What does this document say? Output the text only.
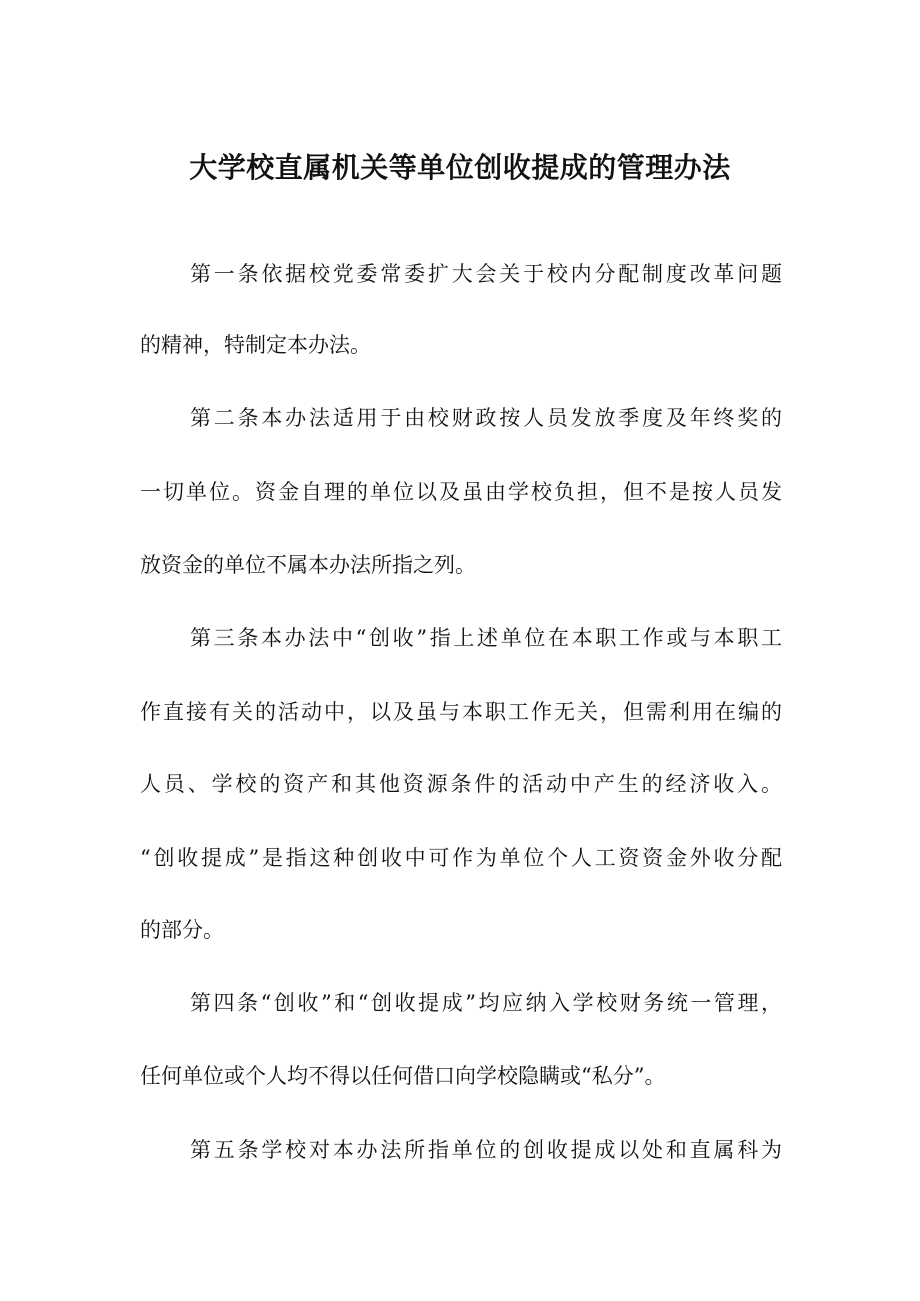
大学校直属机关等单位创收提成的管理办法

第一条依据校党委常委扩大会关于校内分配制度改革问题

的精神，特制定本办法。

第二条本办法适用于由校财政按人员发放季度及年终奖的

一切单位。资金自理的单位以及虽由学校负担，但不是按人员发

放资金的单位不属本办法所指之列。

第三条本办法中“创收”指上述单位在本职工作或与本职工

作直接有关的活动中，以及虽与本职工作无关，但需利用在编的

人员、学校的资产和其他资源条件的活动中产生的经济收入。

“创收提成”是指这种创收中可作为单位个人工资资金外收分配

的部分。

第四条“创收”和“创收提成”均应纳入学校财务统一管理，

任何单位或个人均不得以任何借口向学校隐瞒或“私分”。

第五条学校对本办法所指单位的创收提成以处和直属科为
